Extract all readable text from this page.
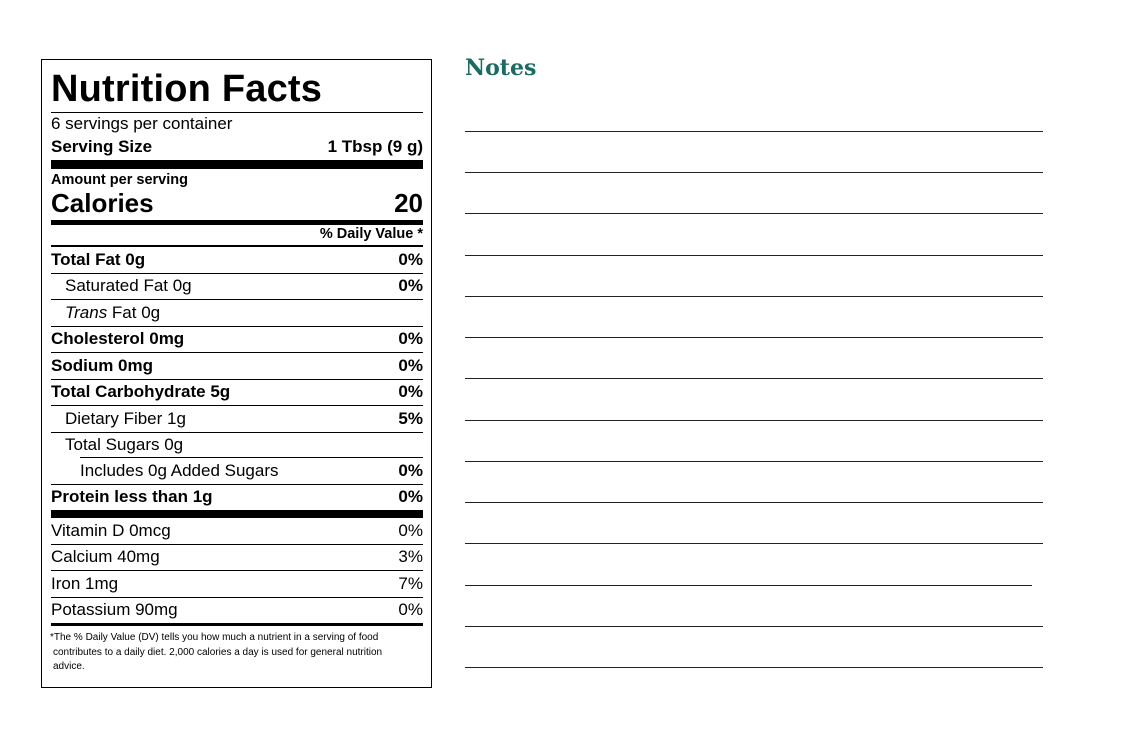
Nutrition Facts
6 servings per container
Serving Size	1 Tbsp (9 g)
Amount per serving
Calories	20
% Daily Value *
Total Fat 0g	0%
Saturated Fat 0g	0%
Trans Fat 0g
Cholesterol 0mg	0%
Sodium 0mg	0%
Total Carbohydrate 5g	0%
Dietary Fiber 1g	5%
Total Sugars 0g
Includes 0g Added Sugars	0%
Protein less than 1g	0%
Vitamin D 0mcg	0%
Calcium 40mg	3%
Iron 1mg	7%
Potassium 90mg	0%
*The % Daily Value (DV) tells you how much a nutrient in a serving of food contributes to a daily diet. 2,000 calories a day is used for general nutrition advice.
Notes
